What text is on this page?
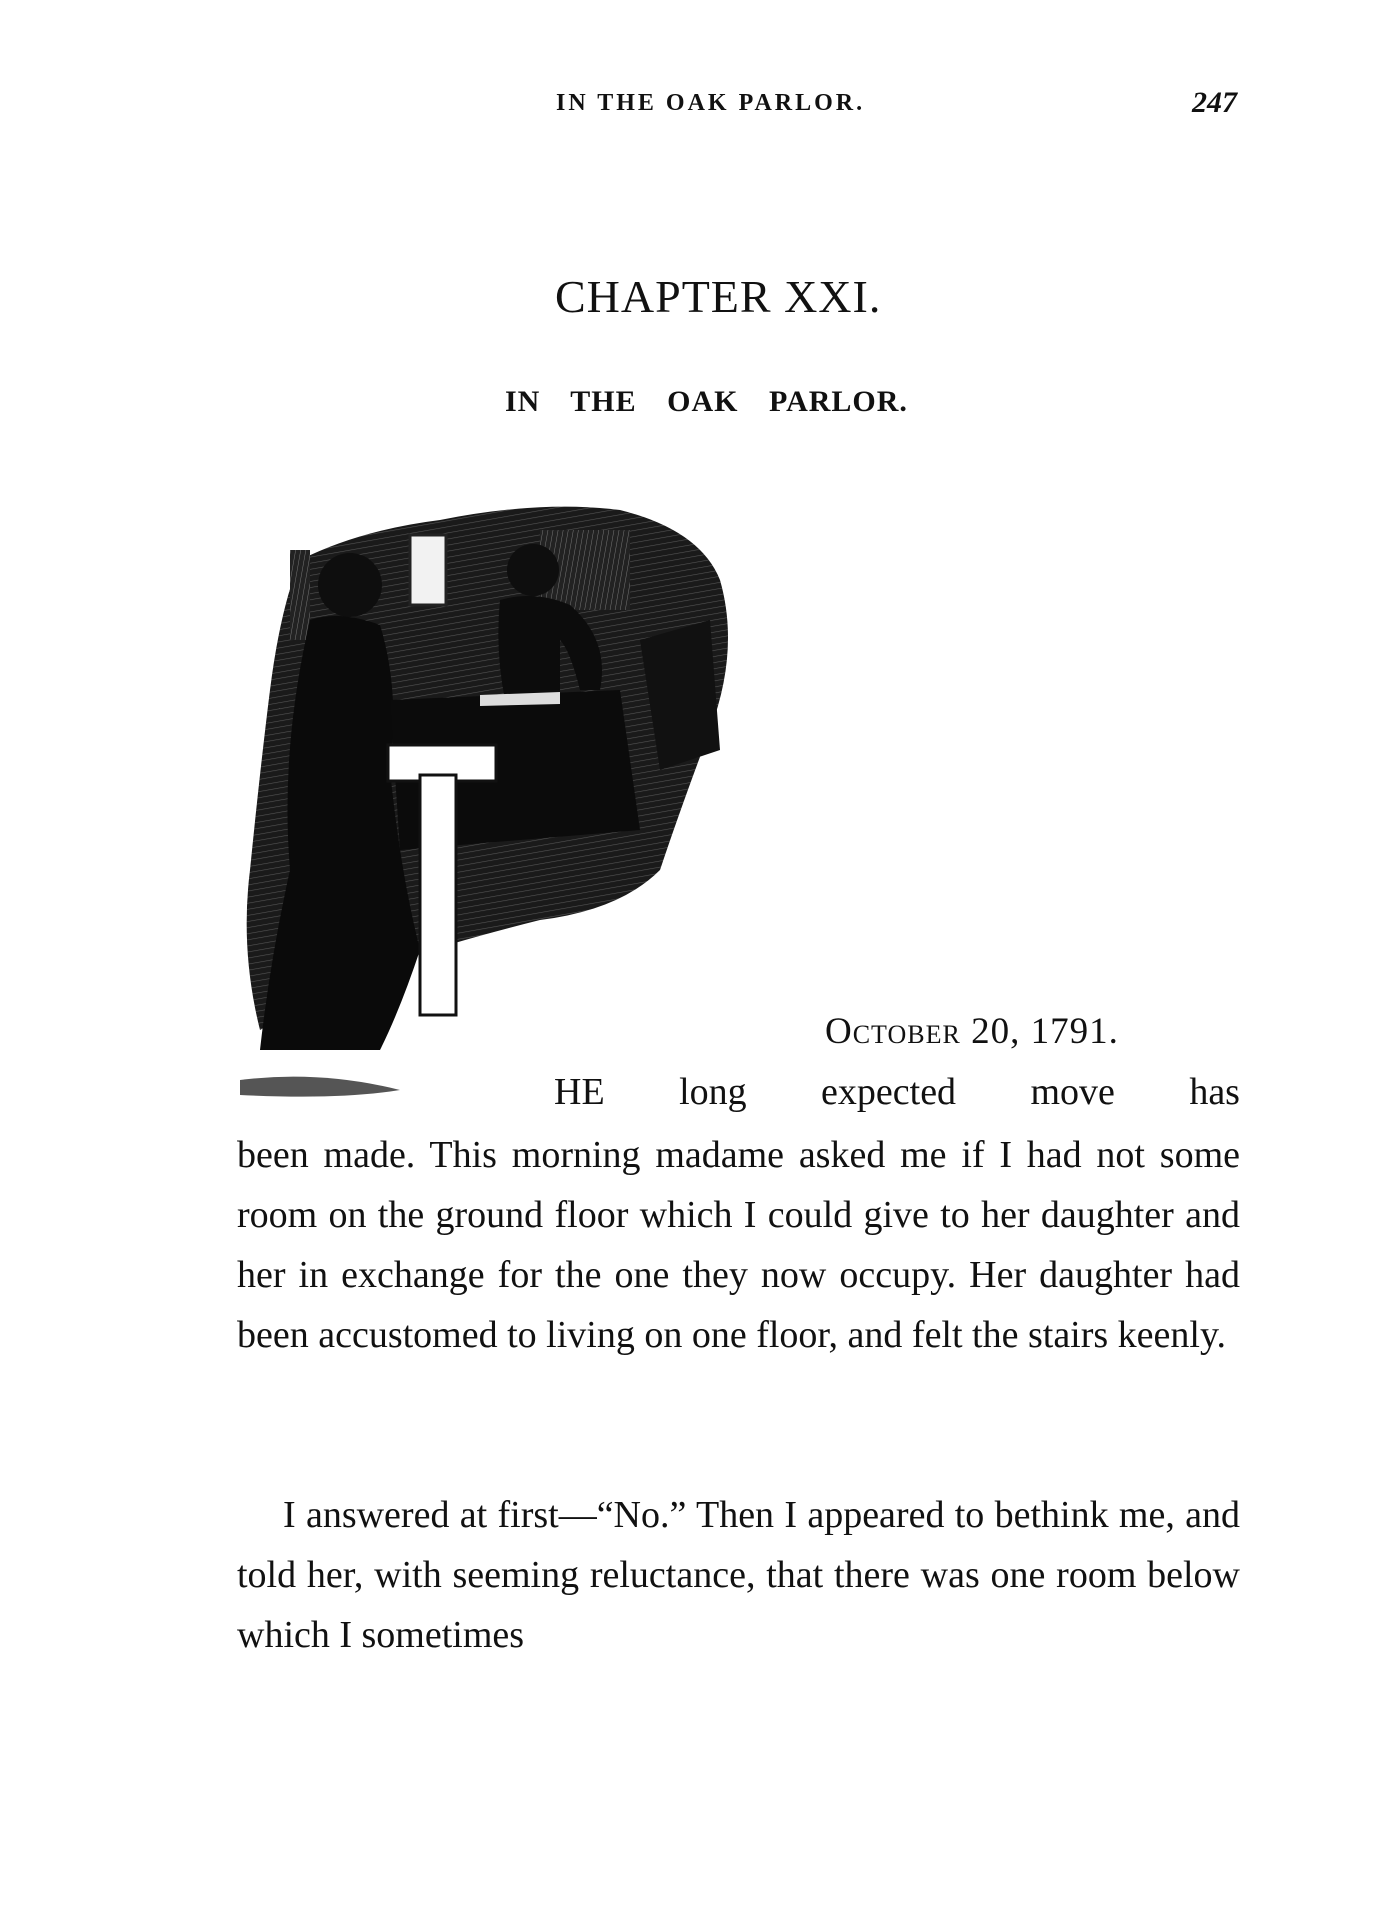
IN THE OAK PARLOR.	247
CHAPTER XXI.
IN THE OAK PARLOR.
T
October 20, 1791.
HE long expected move has

been made. This morning madame asked me if I had not some room on the ground floor which I could give to her daughter and her in exchange for the one they now occupy. Her daughter had been accustomed to living on one floor, and felt the stairs keenly.

I answered at first—“No.” Then I appeared to bethink me, and told her, with seeming reluctance, that there was one room below which I sometimes
